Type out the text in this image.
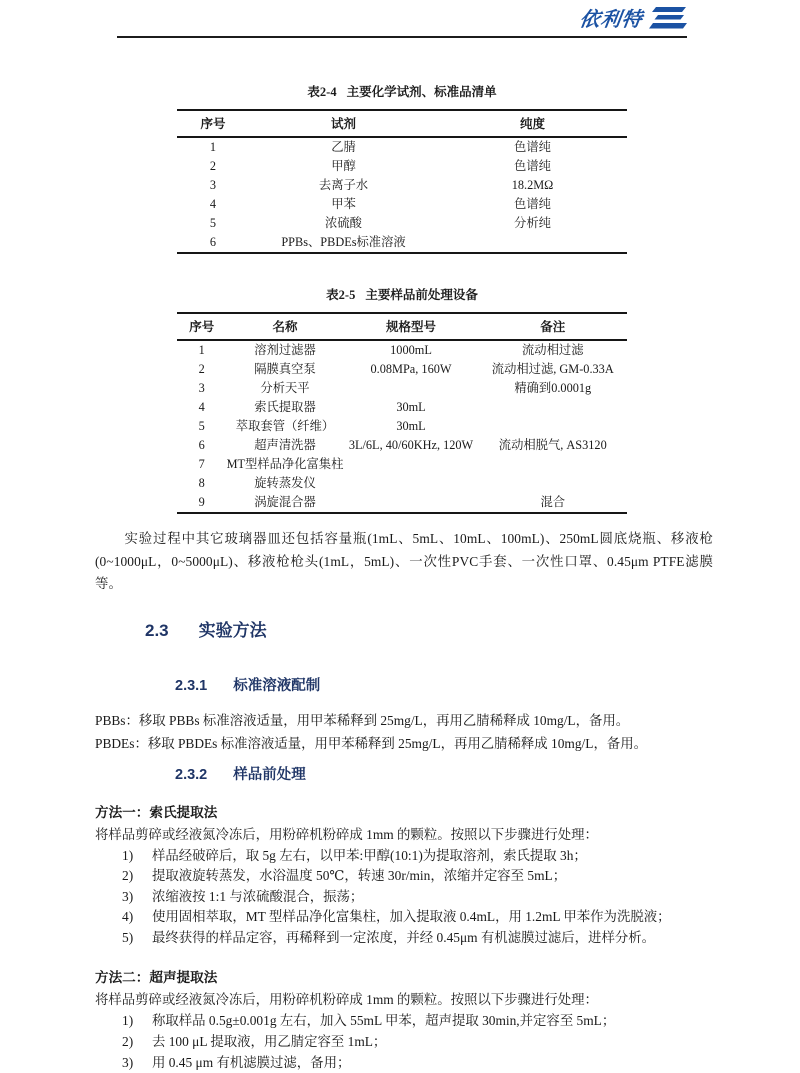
依利特
表2-4 主要化学试剂、标准品清单
序号	试剂	纯度
1	乙腈	色谱纯
2	甲醇	色谱纯
3	去离子水	18.2MΩ
4	甲苯	色谱纯
5	浓硫酸	分析纯
6	PPBs、PBDEs标准溶液	
表2-5 主要样品前处理设备
序号	名称	规格型号	备注
1	溶剂过滤器	1000mL	流动相过滤
2	隔膜真空泵	0.08MPa, 160W	流动相过滤, GM-0.33A
3	分析天平		精确到0.0001g
4	索氏提取器	30mL	
5	萃取套管（纤维）	30mL	
6	超声清洗器	3L/6L, 40/60KHz, 120W	流动相脱气, AS3120
7	MT型样品净化富集柱		
8	旋转蒸发仪		
9	涡旋混合器		混合

实验过程中其它玻璃器皿还包括容量瓶(1mL、5mL、10mL、100mL)、250mL圆底烧瓶、移液枪(0~1000μL，0~5000μL)、移液枪枪头(1mL，5mL)、一次性PVC手套、一次性口罩、0.45μm PTFE滤膜等。

2.3 实验方法
2.3.1 标准溶液配制
PBBs：移取 PBBs 标准溶液适量，用甲苯稀释到 25mg/L，再用乙腈稀释成 10mg/L，备用。
PBDEs：移取 PBDEs 标准溶液适量，用甲苯稀释到 25mg/L，再用乙腈稀释成 10mg/L，备用。
2.3.2 样品前处理
方法一：索氏提取法
将样品剪碎或经液氮冷冻后，用粉碎机粉碎成 1mm 的颗粒。按照以下步骤进行处理：
1)	样品经破碎后，取 5g 左右，以甲苯:甲醇(10:1)为提取溶剂，索氏提取 3h；
2)	提取液旋转蒸发，水浴温度 50℃，转速 30r/min，浓缩并定容至 5mL；
3)	浓缩液按 1:1 与浓硫酸混合，振荡；
4)	使用固相萃取，MT 型样品净化富集柱，加入提取液 0.4mL，用 1.2mL 甲苯作为洗脱液；
5)	最终获得的样品定容，再稀释到一定浓度，并经 0.45μm 有机滤膜过滤后，进样分析。
方法二：超声提取法
将样品剪碎或经液氮冷冻后，用粉碎机粉碎成 1mm 的颗粒。按照以下步骤进行处理：
1)	称取样品 0.5g±0.001g 左右，加入 55mL 甲苯，超声提取 30min,并定容至 5mL；
2)	去 100 μL 提取液，用乙腈定容至 1mL；
3)	用 0.45 μm 有机滤膜过滤，备用；
